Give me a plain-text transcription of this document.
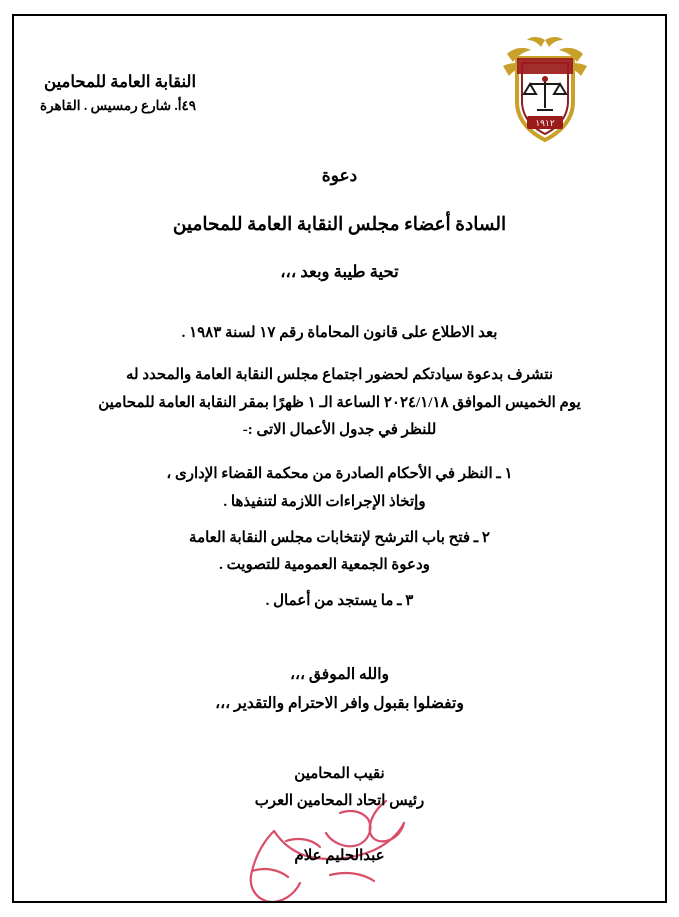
النقابة العامة للمحامين
٤٩أ. شارع رمسيس . القاهرة
١٩١٢
دعوة
السادة أعضاء مجلس النقابة العامة للمحامين
تحية طيبة وبعد ،،،
بعد الاطلاع على قانون المحاماة رقم ١٧ لسنة ١٩٨٣ .
نتشرف بدعوة سيادتكم لحضور اجتماع مجلس النقابة العامة والمحدد له
يوم الخميس الموافق ٢٠٢٤/١/١٨ الساعة الـ ١ ظهرًا بمقر النقابة العامة للمحامين
للنظر في جدول الأعمال الاتى :-
١ ـ النظر في الأحكام الصادرة من محكمة القضاء الإدارى ،
وإتخاذ الإجراءات اللازمة لتنفيذها .
٢ ـ فتح باب الترشح لإنتخابات مجلس النقابة العامة
ودعوة الجمعية العمومية للتصويت .
٣ ـ ما يستجد من أعمال .
والله الموفق ،،،
وتفضلوا بقبول وافر الاحترام والتقدير ،،،
نقيب المحامين
رئيس اتحاد المحامين العرب
عبدالحليم علام
